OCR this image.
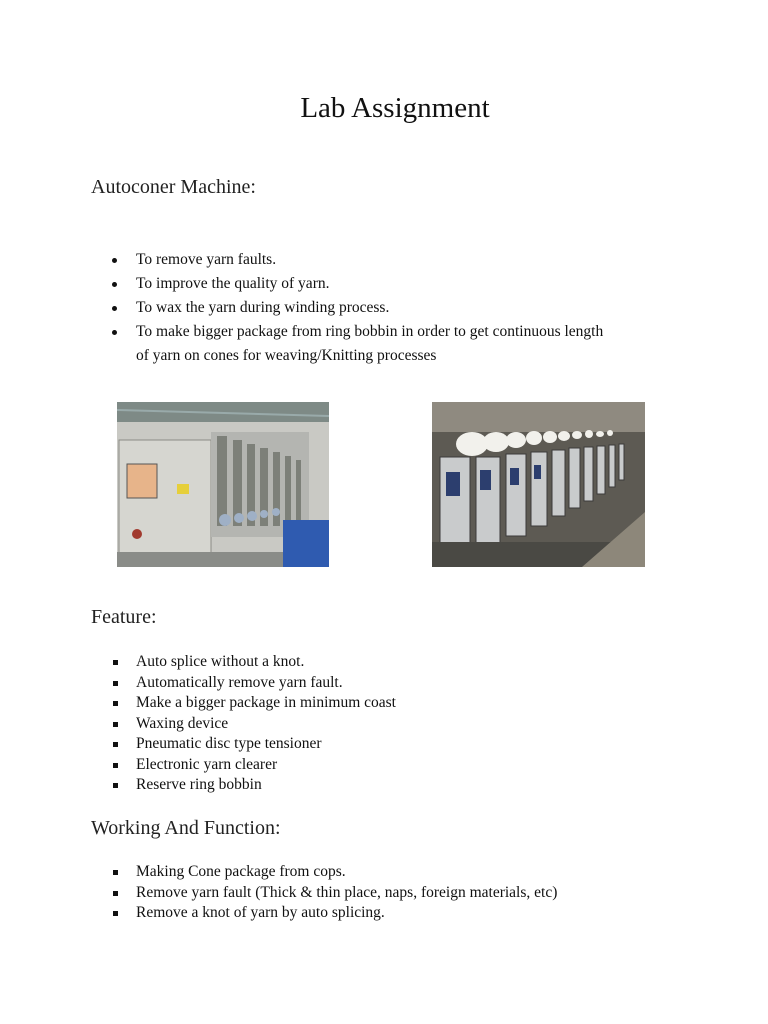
Lab Assignment
Autoconer Machine:
To remove yarn faults.
To improve the quality of yarn.
To wax the yarn during winding process.
To make bigger package from ring bobbin in order to get continuous length
of yarn on cones for weaving/Knitting processes
Feature:
Auto splice without a knot.
Automatically remove yarn fault.
Make a bigger package in minimum coast
Waxing device
Pneumatic disc type tensioner
Electronic yarn clearer
Reserve ring bobbin
Working And Function:
Making Cone package from cops.
Remove yarn fault (Thick & thin place, naps, foreign materials, etc)
Remove a knot of yarn by auto splicing.
